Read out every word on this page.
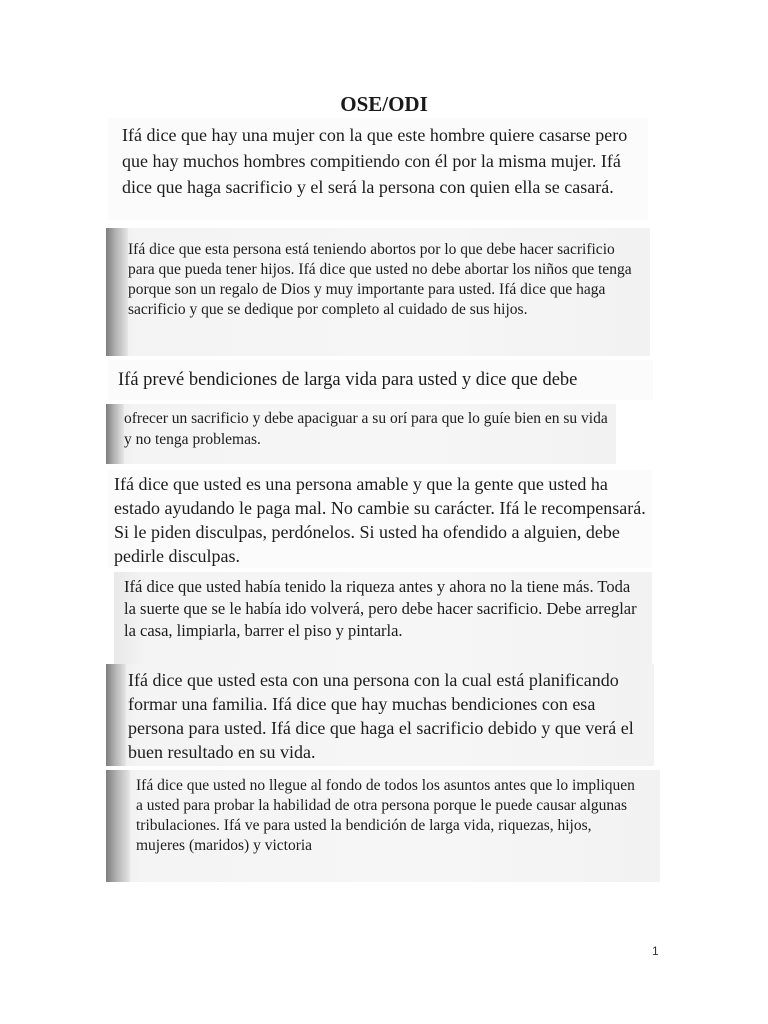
OSE/ODI

Ifá dice que hay una mujer con la que este hombre quiere casarse pero que hay muchos hombres compitiendo con él por la misma mujer. Ifá dice que haga sacrificio y el será la persona con quien ella se casará.

Ifá dice que esta persona está teniendo abortos por lo que debe hacer sacrificio para que pueda tener hijos. Ifá dice que usted no debe abortar los niños que tenga porque son un regalo de Dios y muy importante para usted. Ifá dice que haga sacrificio y que se dedique por completo al cuidado de sus hijos.

Ifá prevé bendiciones de larga vida para usted y dice que debe

ofrecer un sacrificio y debe apaciguar a su orí para que lo guíe bien en su vida y no tenga problemas.

Ifá dice que usted es una persona amable y que la gente que usted ha estado ayudando le paga mal. No cambie su carácter. Ifá le recompensará. Si le piden disculpas, perdónelos. Si usted ha ofendido a alguien, debe pedirle disculpas.

Ifá dice que usted había tenido la riqueza antes y ahora no la tiene más. Toda la suerte que se le había ido volverá, pero debe hacer sacrificio. Debe arreglar la casa, limpiarla, barrer el piso y pintarla.

Ifá dice que usted esta con una persona con la cual está planificando formar una familia. Ifá dice que hay muchas bendiciones con esa persona para usted. Ifá dice que haga el sacrificio debido y que verá el buen resultado en su vida.

Ifá dice que usted no llegue al fondo de todos los asuntos antes que lo impliquen a usted para probar la habilidad de otra persona porque le puede causar algunas tribulaciones. Ifá ve para usted la bendición de larga vida, riquezas, hijos, mujeres (maridos) y victoria

1
